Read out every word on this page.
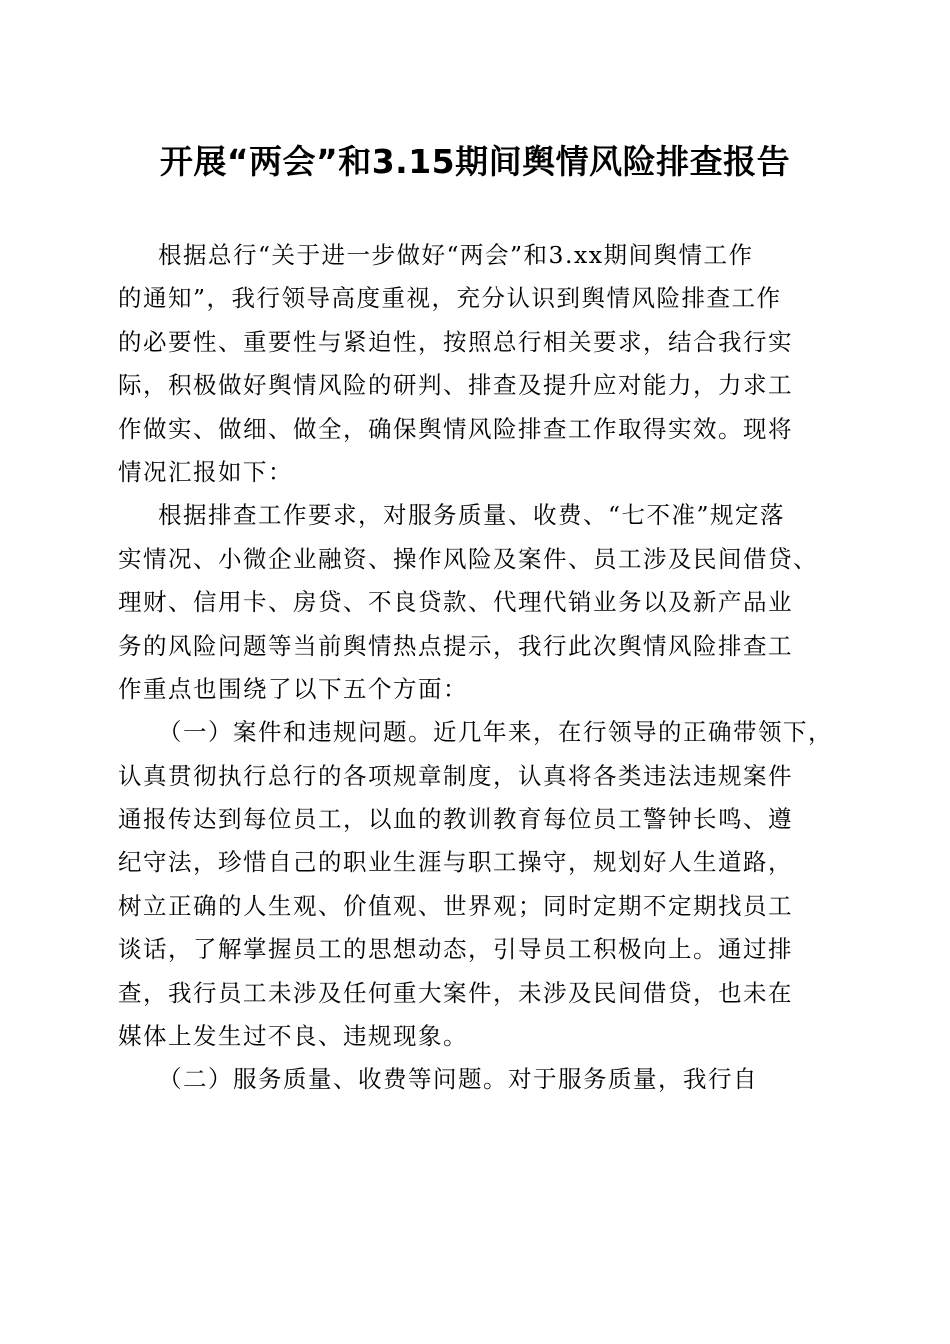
开展“两会”和3.15期间舆情风险排查报告
根据总行“关于进一步做好“两会”和3.xx期间舆情工作
的通知”，我行领导高度重视，充分认识到舆情风险排查工作
的必要性、重要性与紧迫性，按照总行相关要求，结合我行实
际，积极做好舆情风险的研判、排查及提升应对能力，力求工
作做实、做细、做全，确保舆情风险排查工作取得实效。现将
情况汇报如下：
根据排查工作要求，对服务质量、收费、“七不准”规定落
实情况、小微企业融资、操作风险及案件、员工涉及民间借贷、
理财、信用卡、房贷、不良贷款、代理代销业务以及新产品业
务的风险问题等当前舆情热点提示，我行此次舆情风险排查工
作重点也围绕了以下五个方面：
（一）案件和违规问题。近几年来，在行领导的正确带领下，
认真贯彻执行总行的各项规章制度，认真将各类违法违规案件
通报传达到每位员工，以血的教训教育每位员工警钟长鸣、遵
纪守法，珍惜自己的职业生涯与职工操守，规划好人生道路，
树立正确的人生观、价值观、世界观；同时定期不定期找员工
谈话，了解掌握员工的思想动态，引导员工积极向上。通过排
查，我行员工未涉及任何重大案件，未涉及民间借贷，也未在
媒体上发生过不良、违规现象。
（二）服务质量、收费等问题。对于服务质量，我行自
